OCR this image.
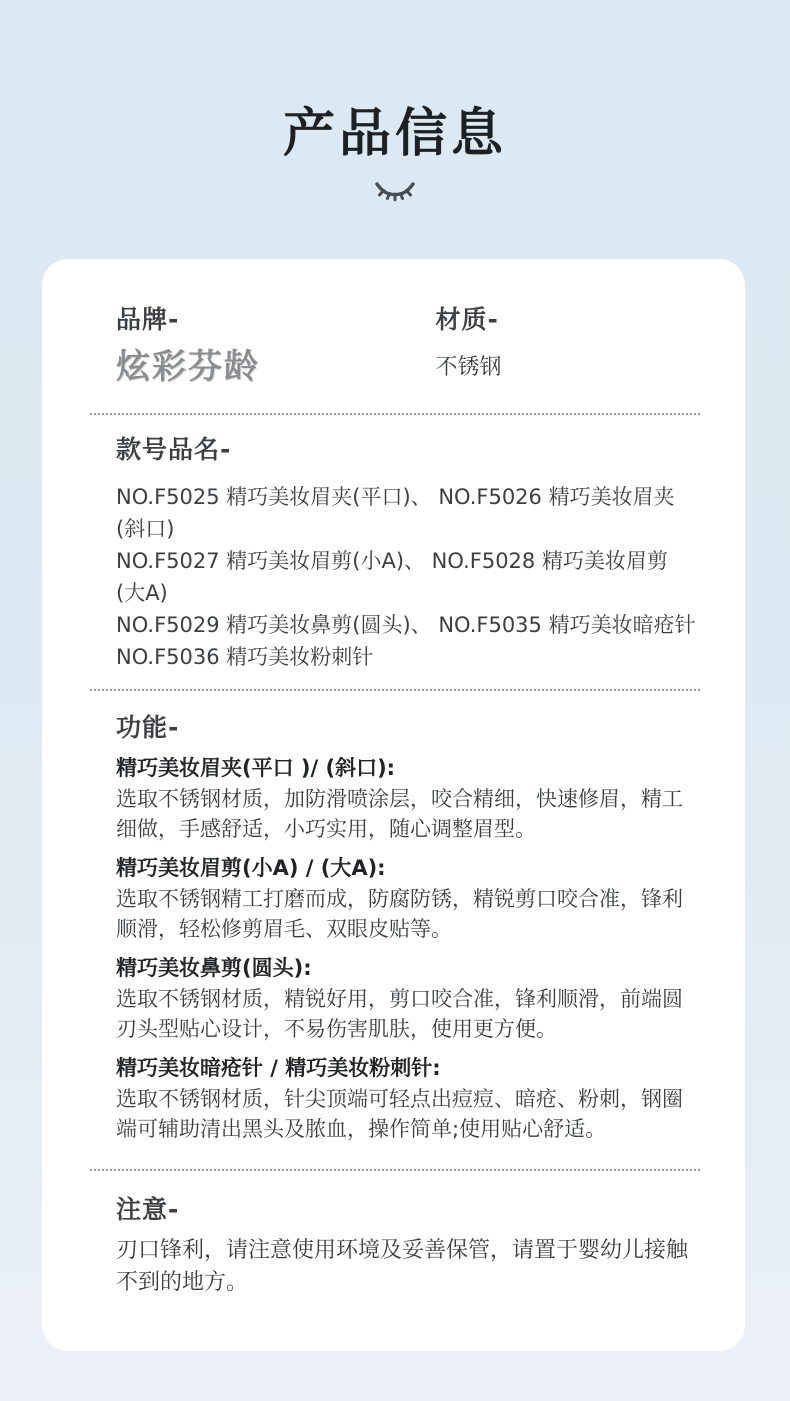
产品信息
品牌-
炫彩芬龄
材质-
不锈钢
款号品名-
NO.F5025 精巧美妆眉夹(平口)、 NO.F5026 精巧美妆眉夹(斜口)
NO.F5027 精巧美妆眉剪(小A)、 NO.F5028 精巧美妆眉剪(大A)
NO.F5029 精巧美妆鼻剪(圆头)、 NO.F5035 精巧美妆暗疮针
NO.F5036 精巧美妆粉刺针
功能-
精巧美妆眉夹(平口 )/ (斜口):
选取不锈钢材质，加防滑喷涂层，咬合精细，快速修眉，精工细做，手感舒适，小巧实用，随心调整眉型。
精巧美妆眉剪(小A) / (大A):
选取不锈钢精工打磨而成，防腐防锈，精锐剪口咬合准，锋利顺滑，轻松修剪眉毛、双眼皮贴等。
精巧美妆鼻剪(圆头):
选取不锈钢材质，精锐好用，剪口咬合准，锋利顺滑，前端圆刃头型贴心设计，不易伤害肌肤，使用更方便。
精巧美妆暗疮针 / 精巧美妆粉刺针:
选取不锈钢材质，针尖顶端可轻点出痘痘、暗疮、粉刺，钢圈端可辅助清出黑头及脓血，操作简单;使用贴心舒适。
注意-
刃口锋利，请注意使用环境及妥善保管，请置于婴幼儿接触不到的地方。
